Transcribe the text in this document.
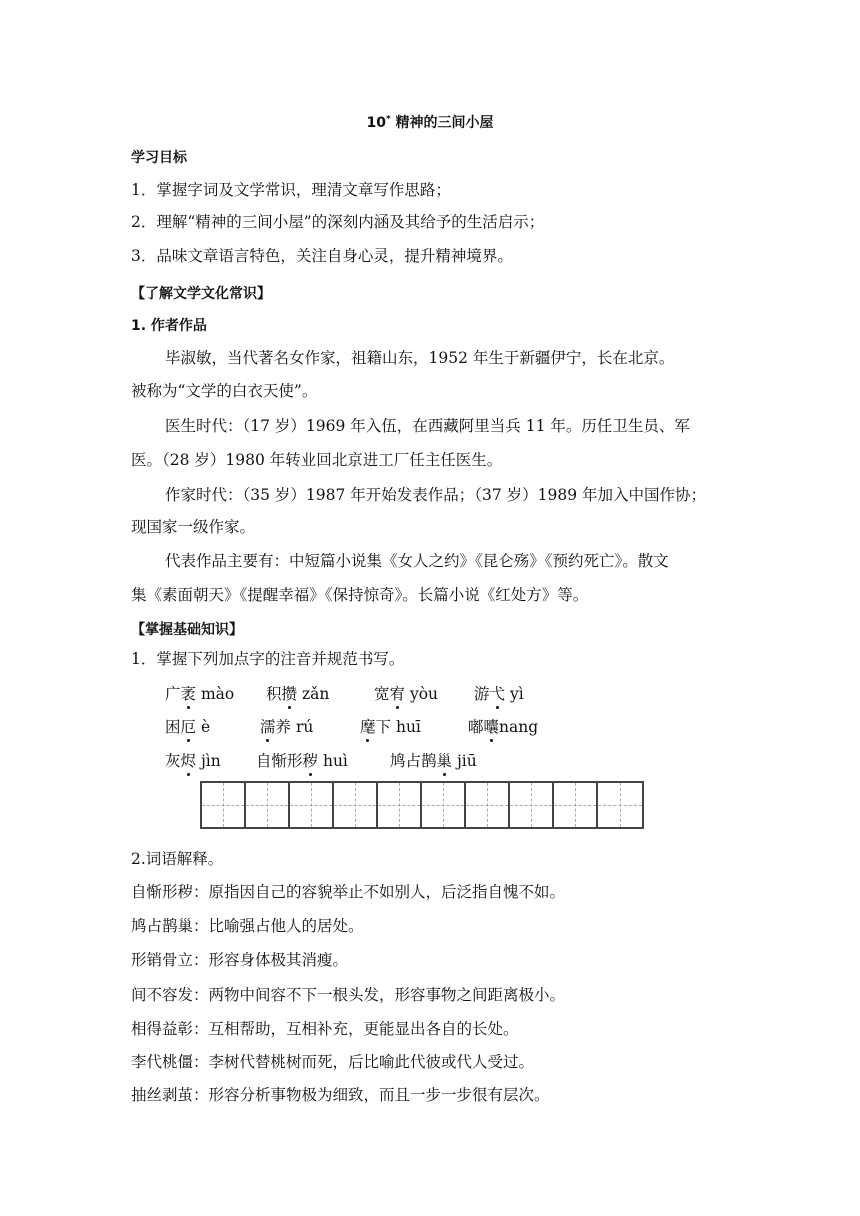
10* 精神的三间小屋
学习目标
1．掌握字词及文学常识，理清文章写作思路；
2．理解“精神的三间小屋”的深刻内涵及其给予的生活启示；
3．品味文章语言特色，关注自身心灵，提升精神境界。
【了解文学文化常识】
1. 作者作品
毕淑敏，当代著名女作家，祖籍山东，1952 年生于新疆伊宁，长在北京。
被称为“文学的白衣天使”。
医生时代：（17 岁）1969 年入伍，在西藏阿里当兵 11 年。历任卫生员、军
医。（28 岁）1980 年转业回北京进工厂任主任医生。
作家时代：（35 岁）1987 年开始发表作品；（37 岁）1989 年加入中国作协；
现国家一级作家。
代表作品主要有：中短篇小说集《女人之约》《昆仑殇》《预约死亡》。散文
集《素面朝天》《提醒幸福》《保持惊奇》。长篇小说《红处方》等。
【掌握基础知识】
1．掌握下列加点字的注音并规范书写。
广袤 mào 积攒 zǎn	宽宥 yòu 游弋 yì
困厄 è	濡养 rú	麾下 huī	嘟囔nang
灰烬 jìn 自惭形秽 huì	鸠占鹊巢 jiū
2.词语解释。
自惭形秽：原指因自己的容貌举止不如别人，后泛指自愧不如。
鸠占鹊巢：比喻强占他人的居处。
形销骨立：形容身体极其消瘦。
间不容发：两物中间容不下一根头发，形容事物之间距离极小。
相得益彰：互相帮助，互相补充，更能显出各自的长处。
李代桃僵：李树代替桃树而死，后比喻此代彼或代人受过。
抽丝剥茧：形容分析事物极为细致，而且一步一步很有层次。
